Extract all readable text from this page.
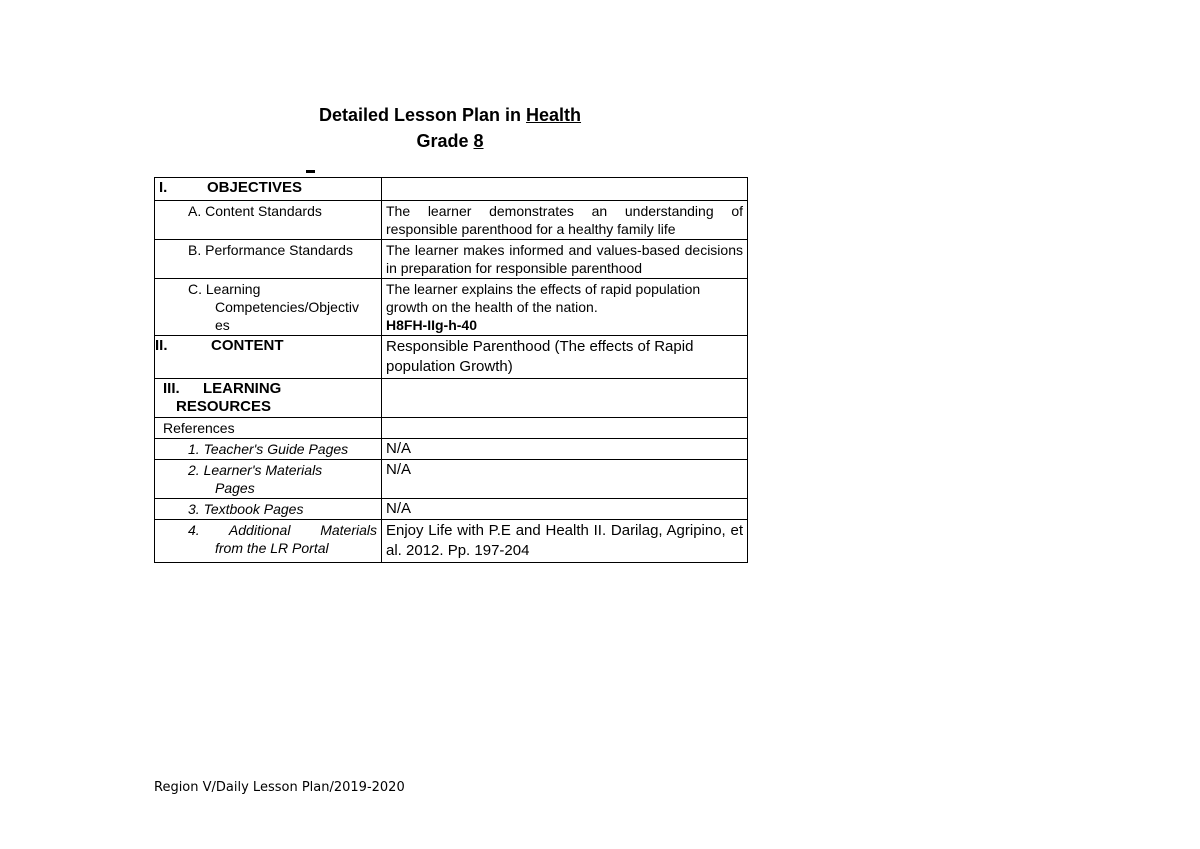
Detailed Lesson Plan in Health
Grade 8
I. OBJECTIVES	
A. Content Standards	The learner demonstrates an understanding of responsible parenthood for a healthy family life
B. Performance Standards	The learner makes informed and values-based decisions in preparation for responsible parenthood
C. Learning
Competencies/Objectiv es	The learner explains the effects of rapid population growth on the health of the nation.
H8FH-IIg-h-40
II. CONTENT	Responsible Parenthood (The effects of Rapid population Growth)
III. LEARNING
RESOURCES	

References	
1. Teacher's Guide Pages	N/A
2. Learner's Materials
Pages	N/A
3. Textbook Pages	N/A

4. Additional Materials
from the LR Portal	Enjoy Life with P.E and Health II. Darilag, Agripino, et al. 2012. Pp. 197-204
Region V/Daily Lesson Plan/2019-2020
